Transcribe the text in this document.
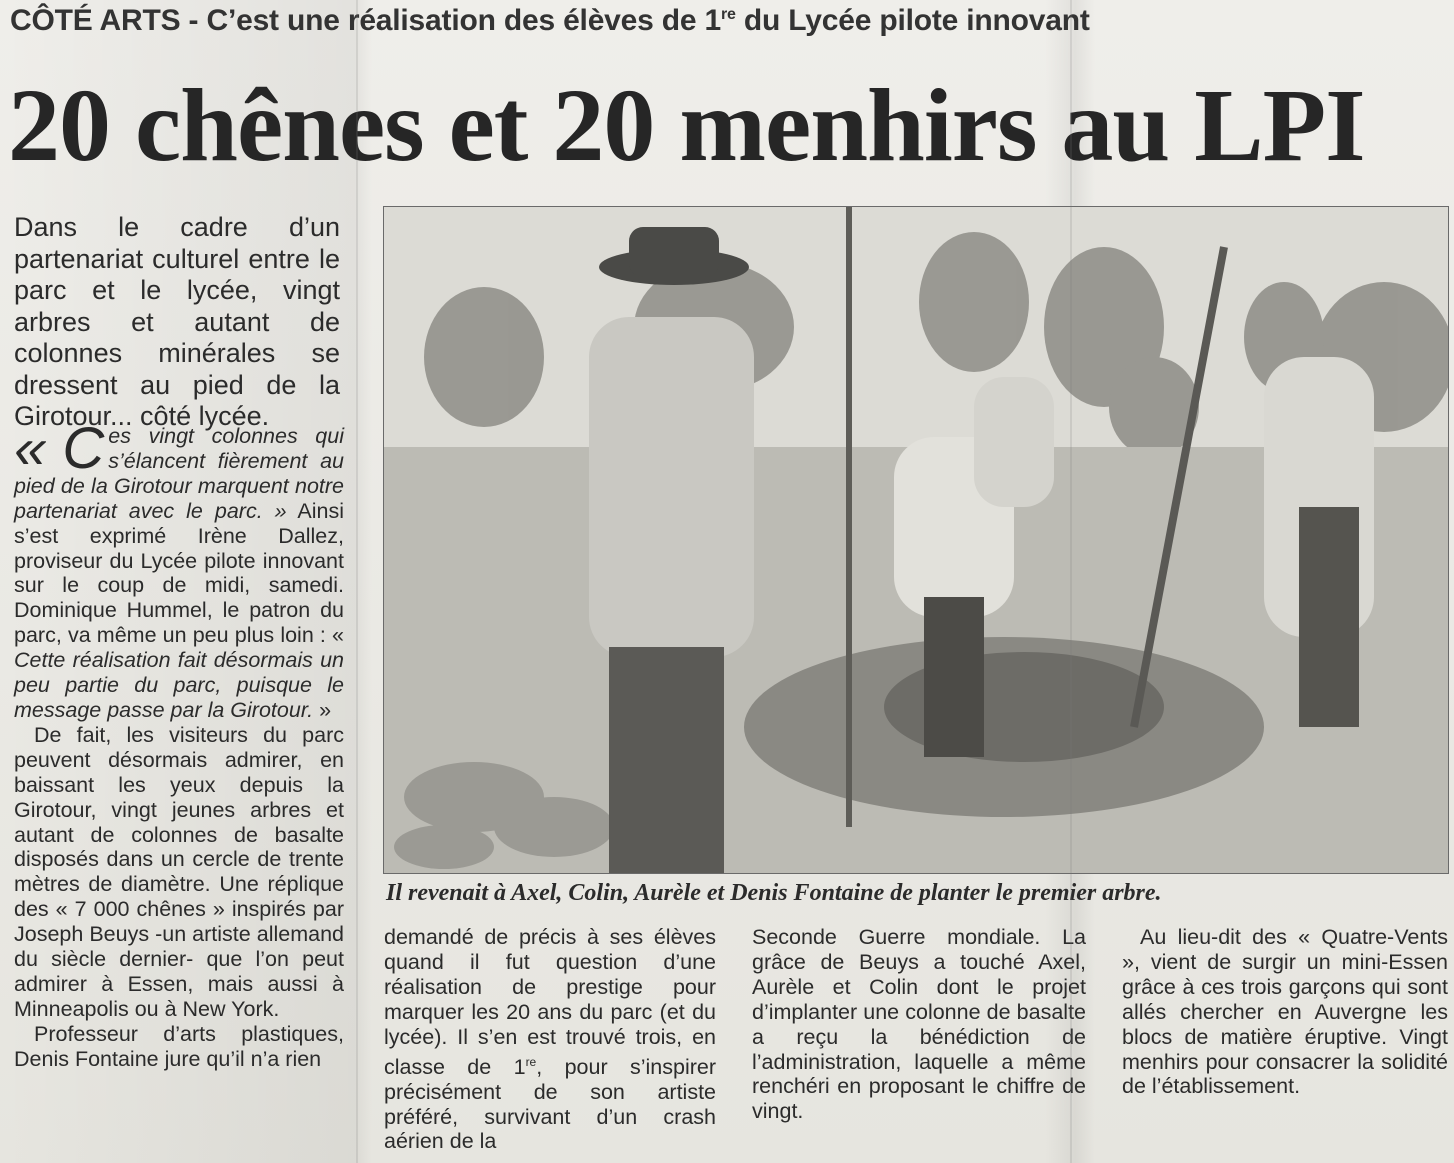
CÔTÉ ARTS - C’est une réalisation des élèves de 1re du Lycée pilote innovant
20 chênes et 20 menhirs au LPI
Dans le cadre d’un partenariat culturel entre le parc et le lycée, vingt arbres et autant de colonnes minérales se dressent au pied de la Girotour... côté lycée.

« C es vingt colonnes qui s’élancent fièrement au pied de la Girotour marquent notre partenariat avec le parc. » Ainsi s’est exprimé Irène Dallez, proviseur du Lycée pilote innovant sur le coup de midi, samedi. Dominique Hummel, le patron du parc, va même un peu plus loin : « Cette réalisation fait désormais un peu partie du parc, puisque le message passe par la Girotour. »

De fait, les visiteurs du parc peuvent désormais admirer, en baissant les yeux depuis la Girotour, vingt jeunes arbres et autant de colonnes de basalte disposés dans un cercle de trente mètres de diamètre. Une réplique des « 7 000 chênes » inspirés par Joseph Beuys -un artiste allemand du siècle dernier- que l’on peut admirer à Essen, mais aussi à Minneapolis ou à New York.

Professeur d’arts plastiques, Denis Fontaine jure qu’il n’a rien

Il revenait à Axel, Colin, Aurèle et Denis Fontaine de planter le premier arbre.
demandé de précis à ses élèves quand il fut question d’une réalisation de prestige pour marquer les 20 ans du parc (et du lycée). Il s’en est trouvé trois, en classe de 1re, pour s’inspirer précisément de son artiste préféré, survivant d’un crash aérien de la
Seconde Guerre mondiale. La grâce de Beuys a touché Axel, Aurèle et Colin dont le projet d’implanter une colonne de basalte a reçu la bénédiction de l’administration, laquelle a même renchéri en proposant le chiffre de vingt.
Au lieu-dit des « Quatre-Vents », vient de surgir un mini-Essen grâce à ces trois garçons qui sont allés chercher en Auvergne les blocs de matière éruptive. Vingt menhirs pour consacrer la solidité de l’établissement.
